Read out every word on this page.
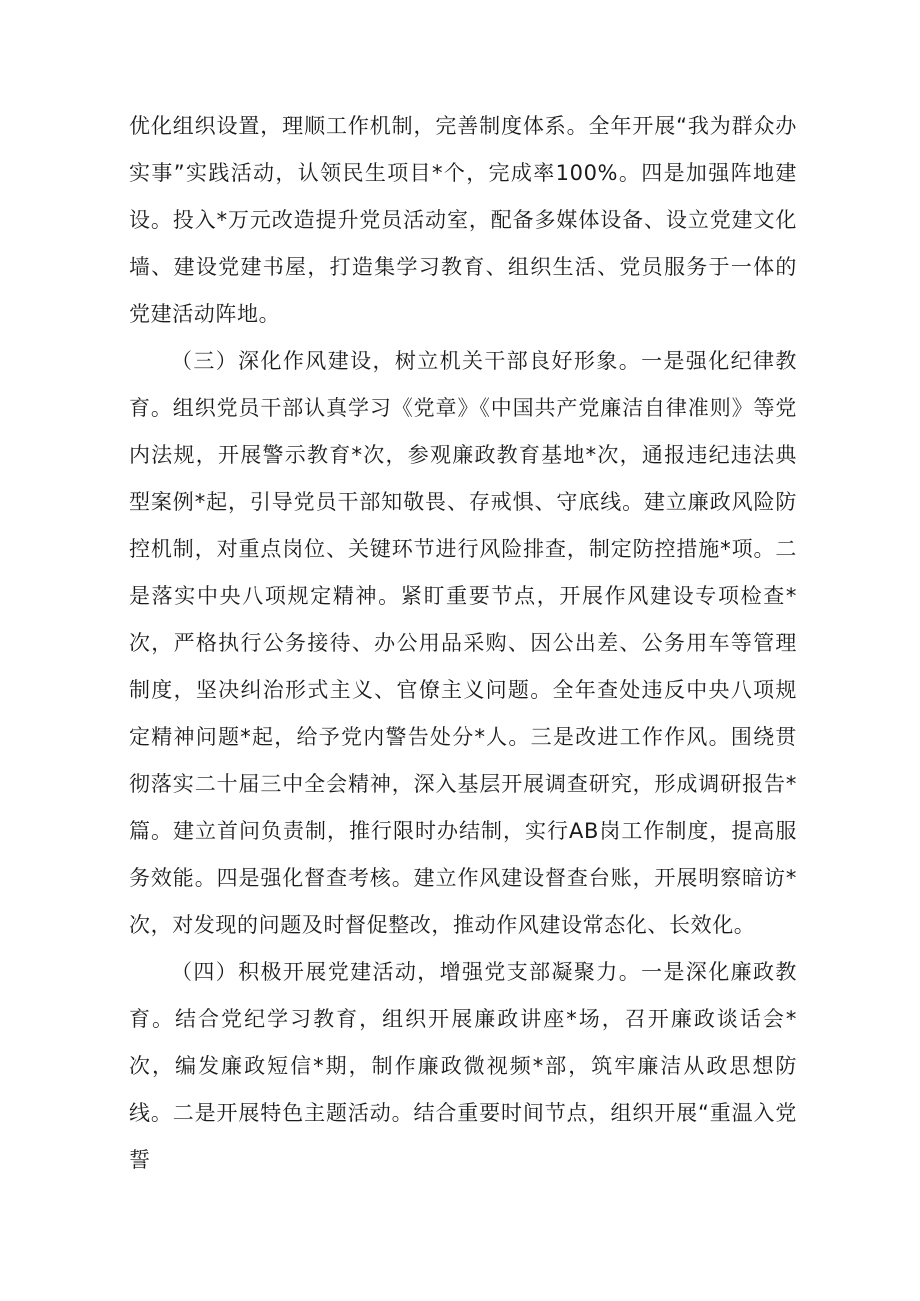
优化组织设置，理顺工作机制，完善制度体系。全年开展“我为群众办实事”实践活动，认领民生项目*个，完成率100%。四是加强阵地建设。投入*万元改造提升党员活动室，配备多媒体设备、设立党建文化墙、建设党建书屋，打造集学习教育、组织生活、党员服务于一体的党建活动阵地。

（三）深化作风建设，树立机关干部良好形象。一是强化纪律教育。组织党员干部认真学习《党章》《中国共产党廉洁自律准则》等党内法规，开展警示教育*次，参观廉政教育基地*次，通报违纪违法典型案例*起，引导党员干部知敬畏、存戒惧、守底线。建立廉政风险防控机制，对重点岗位、关键环节进行风险排查，制定防控措施*项。二是落实中央八项规定精神。紧盯重要节点，开展作风建设专项检查*次，严格执行公务接待、办公用品采购、因公出差、公务用车等管理制度，坚决纠治形式主义、官僚主义问题。全年查处违反中央八项规定精神问题*起，给予党内警告处分*人。三是改进工作作风。围绕贯彻落实二十届三中全会精神，深入基层开展调查研究，形成调研报告*篇。建立首问负责制，推行限时办结制，实行AB岗工作制度，提高服务效能。四是强化督查考核。建立作风建设督查台账，开展明察暗访*次，对发现的问题及时督促整改，推动作风建设常态化、长效化。

（四）积极开展党建活动，增强党支部凝聚力。一是深化廉政教育。结合党纪学习教育，组织开展廉政讲座*场，召开廉政谈话会*次，编发廉政短信*期，制作廉政微视频*部，筑牢廉洁从政思想防线。二是开展特色主题活动。结合重要时间节点，组织开展“重温入党誓
